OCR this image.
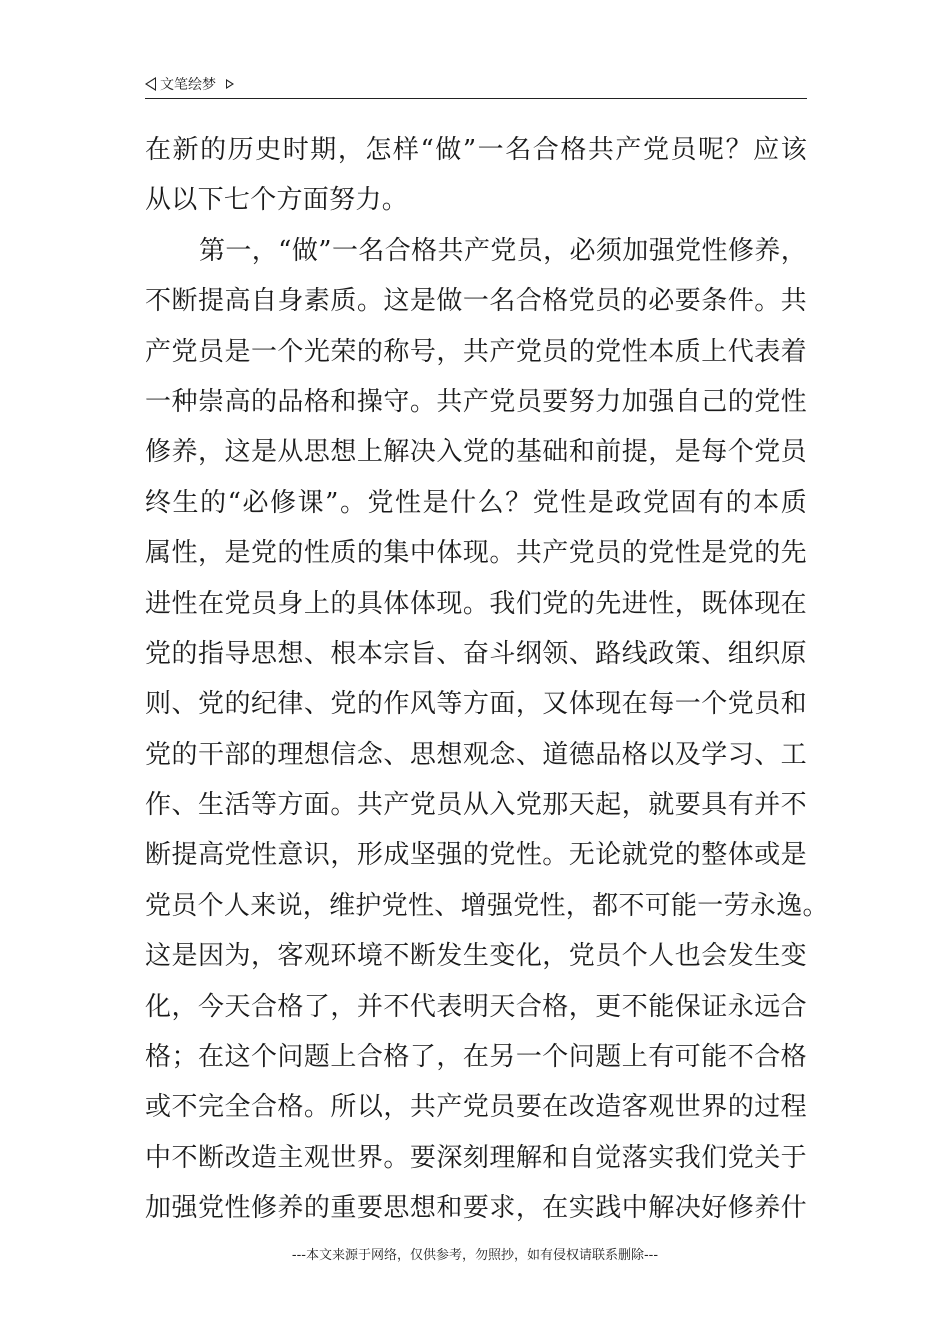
文笔绘梦
在新的历史时期，怎样“做”一名合格共产党员呢？应该
从以下七个方面努力。
第一，“做”一名合格共产党员，必须加强党性修养，
不断提高自身素质。这是做一名合格党员的必要条件。共
产党员是一个光荣的称号，共产党员的党性本质上代表着
一种崇高的品格和操守。共产党员要努力加强自己的党性
修养，这是从思想上解决入党的基础和前提，是每个党员
终生的“必修课”。党性是什么？党性是政党固有的本质
属性，是党的性质的集中体现。共产党员的党性是党的先
进性在党员身上的具体体现。我们党的先进性，既体现在
党的指导思想、根本宗旨、奋斗纲领、路线政策、组织原
则、党的纪律、党的作风等方面，又体现在每一个党员和
党的干部的理想信念、思想观念、道德品格以及学习、工
作、生活等方面。共产党员从入党那天起，就要具有并不
断提高党性意识，形成坚强的党性。无论就党的整体或是
党员个人来说，维护党性、增强党性，都不可能一劳永逸。
这是因为，客观环境不断发生变化，党员个人也会发生变
化，今天合格了，并不代表明天合格，更不能保证永远合
格；在这个问题上合格了，在另一个问题上有可能不合格
或不完全合格。所以，共产党员要在改造客观世界的过程
中不断改造主观世界。要深刻理解和自觉落实我们党关于
加强党性修养的重要思想和要求，在实践中解决好修养什
---本文来源于网络，仅供参考，勿照抄，如有侵权请联系删除---
